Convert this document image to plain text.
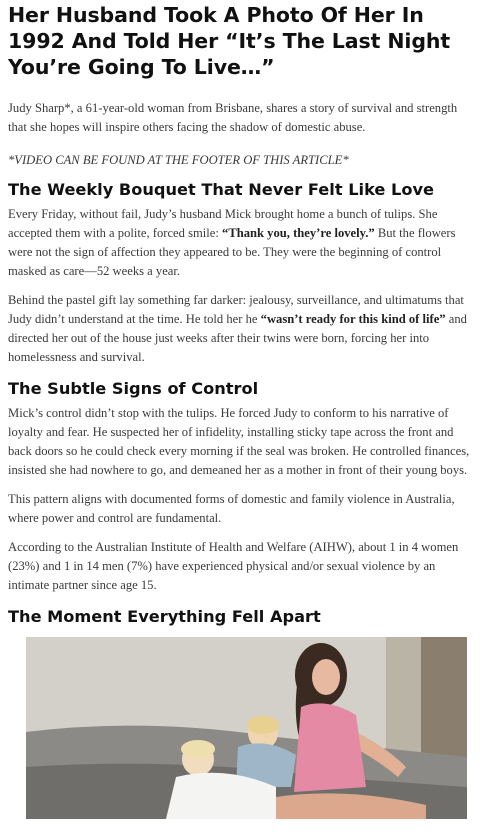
Her Husband Took A Photo Of Her In 1992 And Told Her “It’s The Last Night You’re Going To Live…”

Judy Sharp*, a 61-year-old woman from Brisbane, shares a story of survival and strength that she hopes will inspire others facing the shadow of domestic abuse.

*VIDEO CAN BE FOUND AT THE FOOTER OF THIS ARTICLE*

The Weekly Bouquet That Never Felt Like Love

Every Friday, without fail, Judy’s husband Mick brought home a bunch of tulips. She accepted them with a polite, forced smile: “Thank you, they’re lovely.” But the flowers were not the sign of affection they appeared to be. They were the beginning of control masked as care—52 weeks a year.

Behind the pastel gift lay something far darker: jealousy, surveillance, and ultimatums that Judy didn’t understand at the time. He told her he “wasn’t ready for this kind of life” and directed her out of the house just weeks after their twins were born, forcing her into homelessness and survival.

The Subtle Signs of Control

Mick’s control didn’t stop with the tulips. He forced Judy to conform to his narrative of loyalty and fear. He suspected her of infidelity, installing sticky tape across the front and back doors so he could check every morning if the seal was broken. He controlled finances, insisted she had nowhere to go, and demeaned her as a mother in front of their young boys.

This pattern aligns with documented forms of domestic and family violence in Australia, where power and control are fundamental.

According to the Australian Institute of Health and Welfare (AIHW), about 1 in 4 women (23%) and 1 in 14 men (7%) have experienced physical and/or sexual violence by an intimate partner since age 15.

The Moment Everything Fell Apart
